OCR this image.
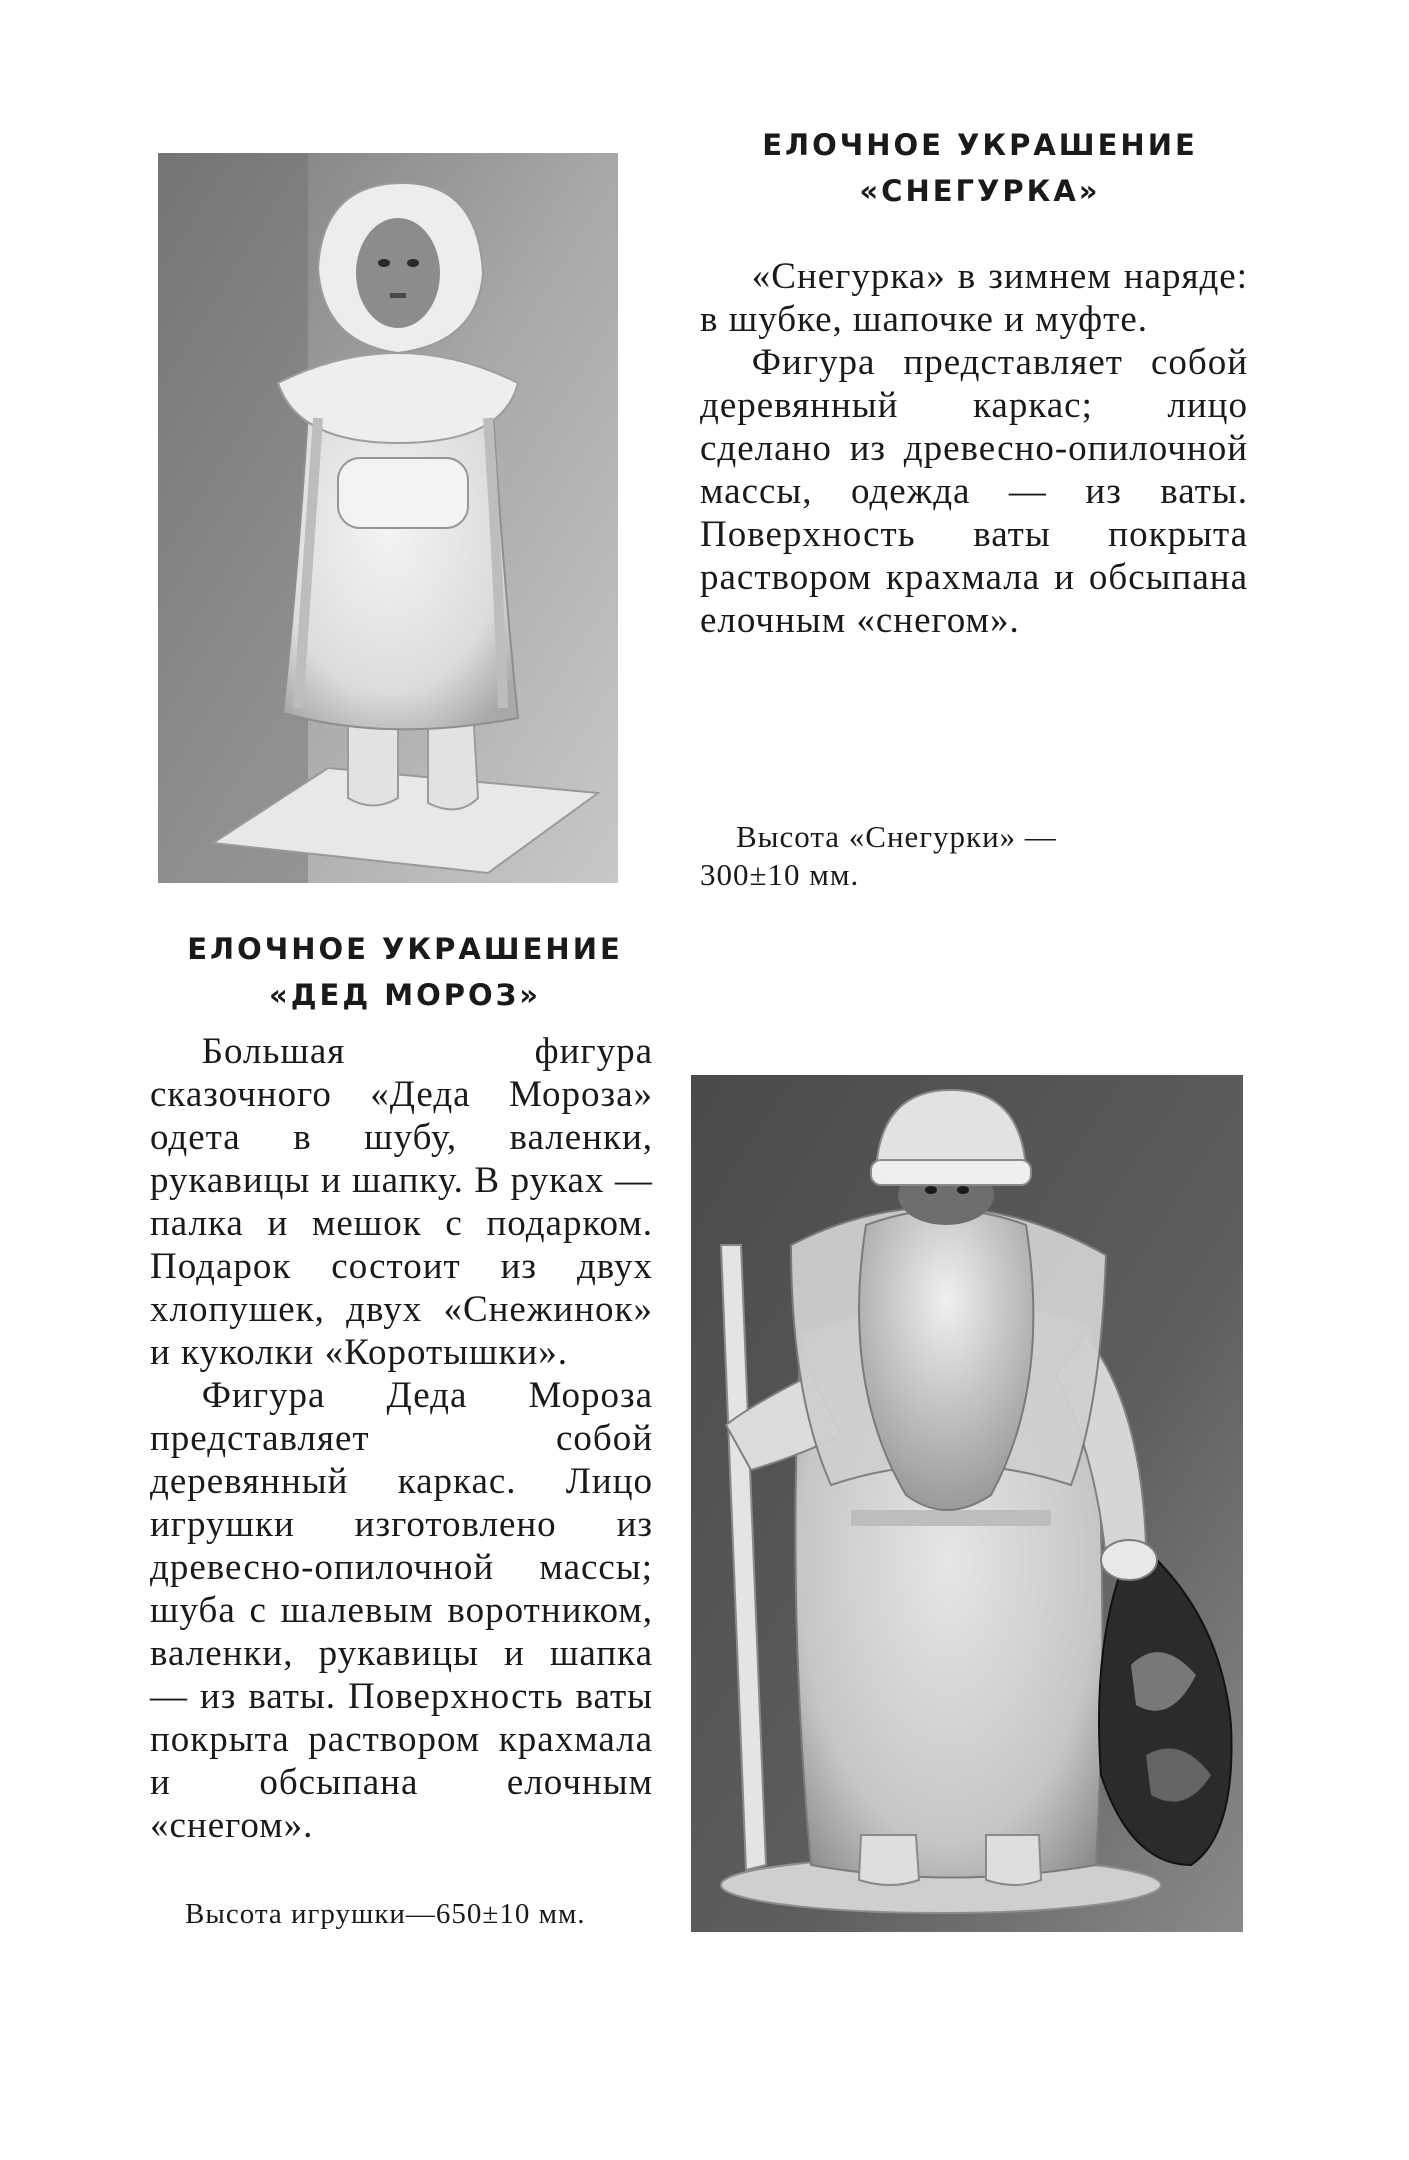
ЕЛОЧНОЕ УКРАШЕНИЕ
«СНЕГУРКА»

«Снегурка» в зимнем наряде: в шубке, шапочке и муфте.

Фигура представляет собой деревянный каркас; лицо сделано из древесно-опилочной массы, одежда — из ваты. Поверхность ваты покрыта раствором крахмала и обсыпана елочным «снегом».

Высота «Снегурки» —
300±10 мм.
ЕЛОЧНОЕ УКРАШЕНИЕ
«ДЕД МОРОЗ»

Большая фигура сказочного «Деда Мороза» одета в шубу, валенки, рукавицы и шапку. В руках — палка и мешок с подарком. Подарок состоит из двух хлопушек, двух «Снежинок» и куколки «Коротышки».

Фигура Деда Мороза представляет собой деревянный каркас. Лицо игрушки изготовлено из древесно-опилочной массы; шуба с шалевым воротником, валенки, рукавицы и шапка — из ваты. Поверхность ваты покрыта раствором крахмала и обсыпана елочным «снегом».

Высота игрушки—650±10 мм.
